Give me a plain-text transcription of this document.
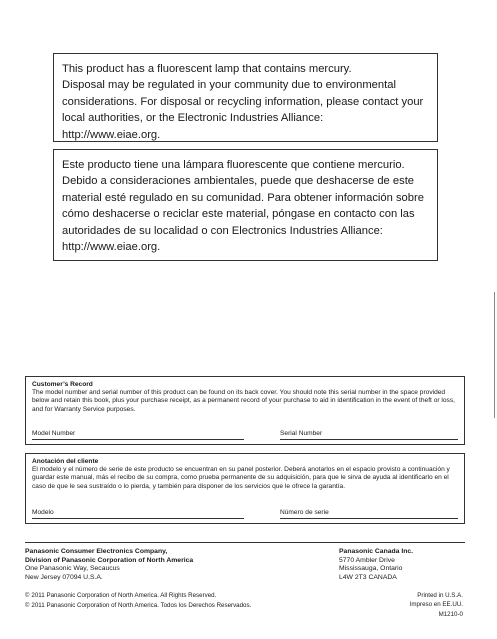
This product has a fluorescent lamp that contains mercury.

Disposal may be regulated in your community due to environmental

considerations. For disposal or recycling information, please contact your

local authorities, or the Electronic Industries Alliance:

http://www.eiae.org.

Este producto tiene una lámpara fluorescente que contiene mercurio.

Debido a consideraciones ambientales, puede que deshacerse de este

material esté regulado en su comunidad. Para obtener información sobre

cómo deshacerse o reciclar este material, póngase en contacto con las

autoridades de su localidad o con Electronics Industries Alliance:

http://www.eiae.org.

Customer’s Record

The model number and serial number of this product can be found on its back cover. You should note this serial number in the space provided below and retain this book, plus your purchase receipt, as a permanent record of your purchase to aid in identification in the event of theft or loss, and for Warranty Service purposes.

Model Number	Serial Number
Anotación del cliente

El modelo y el número de serie de este producto se encuentran en su panel posterior. Deberá anotarlos en el espacio provisto a continuación y guardar este manual, más el recibo de su compra, como prueba permanente de su adquisición, para que le sirva de ayuda al identificarlo en el caso de que le sea sustraído o lo pierda, y también para disponer de los servicios que le ofrece la garantía.

Modelo	Número de serie
Panasonic Consumer Electronics Company,
Division of Panasonic Corporation of North America
One Panasonic Way, Secaucus
New Jersey 07094 U.S.A.
Panasonic Canada Inc.
5770 Ambler Drive
Mississauga, Ontario
L4W 2T3 CANADA
© 2011 Panasonic Corporation of North America. All Rights Reserved.
© 2011 Panasonic Corporation of North America. Todos los Derechos Reservados.
Printed in U.S.A.
Impreso en EE.UU.
M1210-0
